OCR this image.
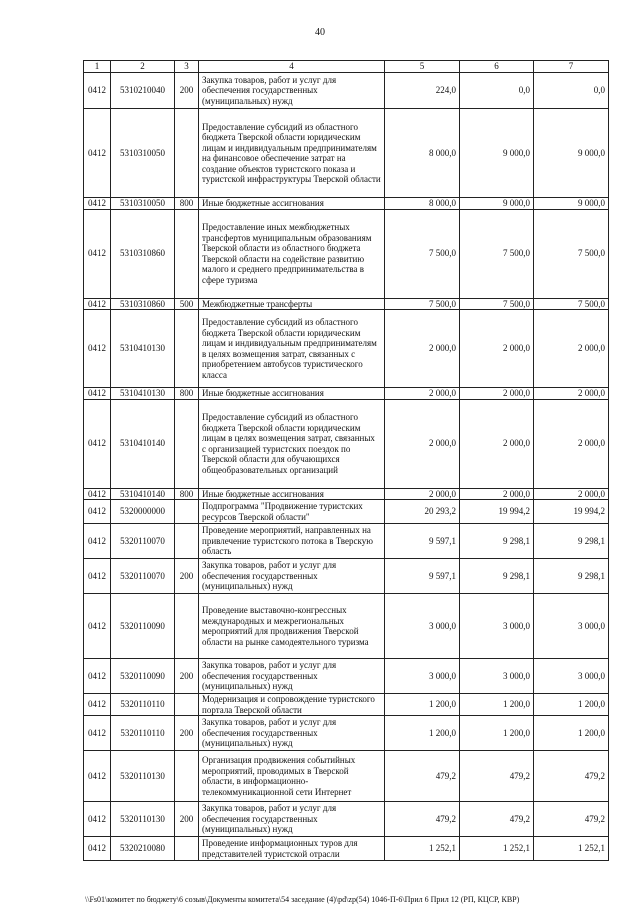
40
1	2	3	4	5	6	7
0412	5310210040	200	Закупка товаров, работ и услуг для обеспечения государственных (муниципальных) нужд	224,0	0,0	0,0
0412	5310310050		Предоставление субсидий из областного бюджета Тверской области юридическим лицам и индивидуальным предпринимателям на финансовое обеспечение затрат на создание объектов туристского показа и туристской инфраструктуры Тверской области	8 000,0	9 000,0	9 000,0
0412	5310310050	800	Иные бюджетные ассигнования	8 000,0	9 000,0	9 000,0
0412	5310310860		Предоставление иных межбюджетных трансфертов муниципальным образованиям Тверской области из областного бюджета Тверской области на содействие развитию малого и среднего предпринимательства в сфере туризма	7 500,0	7 500,0	7 500,0
0412	5310310860	500	Межбюджетные трансферты	7 500,0	7 500,0	7 500,0
0412	5310410130		Предоставление субсидий из областного бюджета Тверской области юридическим лицам и индивидуальным предпринимателям в целях возмещения затрат, связанных с приобретением автобусов туристического класса	2 000,0	2 000,0	2 000,0
0412	5310410130	800	Иные бюджетные ассигнования	2 000,0	2 000,0	2 000,0
0412	5310410140		Предоставление субсидий из областного бюджета Тверской области юридическим лицам в целях возмещения затрат, связанных с организацией туристских поездок по Тверской области для обучающихся общеобразовательных организаций	2 000,0	2 000,0	2 000,0
0412	5310410140	800	Иные бюджетные ассигнования	2 000,0	2 000,0	2 000,0
0412	5320000000		Подпрограмма "Продвижение туристских ресурсов Тверской области"	20 293,2	19 994,2	19 994,2
0412	5320110070		Проведение мероприятий, направленных на привлечение туристского потока в Тверскую область	9 597,1	9 298,1	9 298,1
0412	5320110070	200	Закупка товаров, работ и услуг для обеспечения государственных (муниципальных) нужд	9 597,1	9 298,1	9 298,1
0412	5320110090		Проведение выставочно-конгрессных международных и межрегиональных мероприятий для продвижения Тверской области на рынке самодеятельного туризма	3 000,0	3 000,0	3 000,0
0412	5320110090	200	Закупка товаров, работ и услуг для обеспечения государственных (муниципальных) нужд	3 000,0	3 000,0	3 000,0
0412	5320110110		Модернизация и сопровождение туристского портала Тверской области	1 200,0	1 200,0	1 200,0
0412	5320110110	200	Закупка товаров, работ и услуг для обеспечения государственных (муниципальных) нужд	1 200,0	1 200,0	1 200,0
0412	5320110130		Организация продвижения событийных мероприятий, проводимых в Тверской области, в информационно-телекоммуникационной сети Интернет	479,2	479,2	479,2
0412	5320110130	200	Закупка товаров, работ и услуг для обеспечения государственных (муниципальных) нужд	479,2	479,2	479,2
0412	5320210080		Проведение информационных туров для представителей туристской отрасли	1 252,1	1 252,1	1 252,1
\\Fs01\комитет по бюджету\6 созыв\Документы комитета\54 заседание (4)\pd\zp(54) 1046-П-6\Прил 6 Прил 12 (РП, КЦСР, КВР)
